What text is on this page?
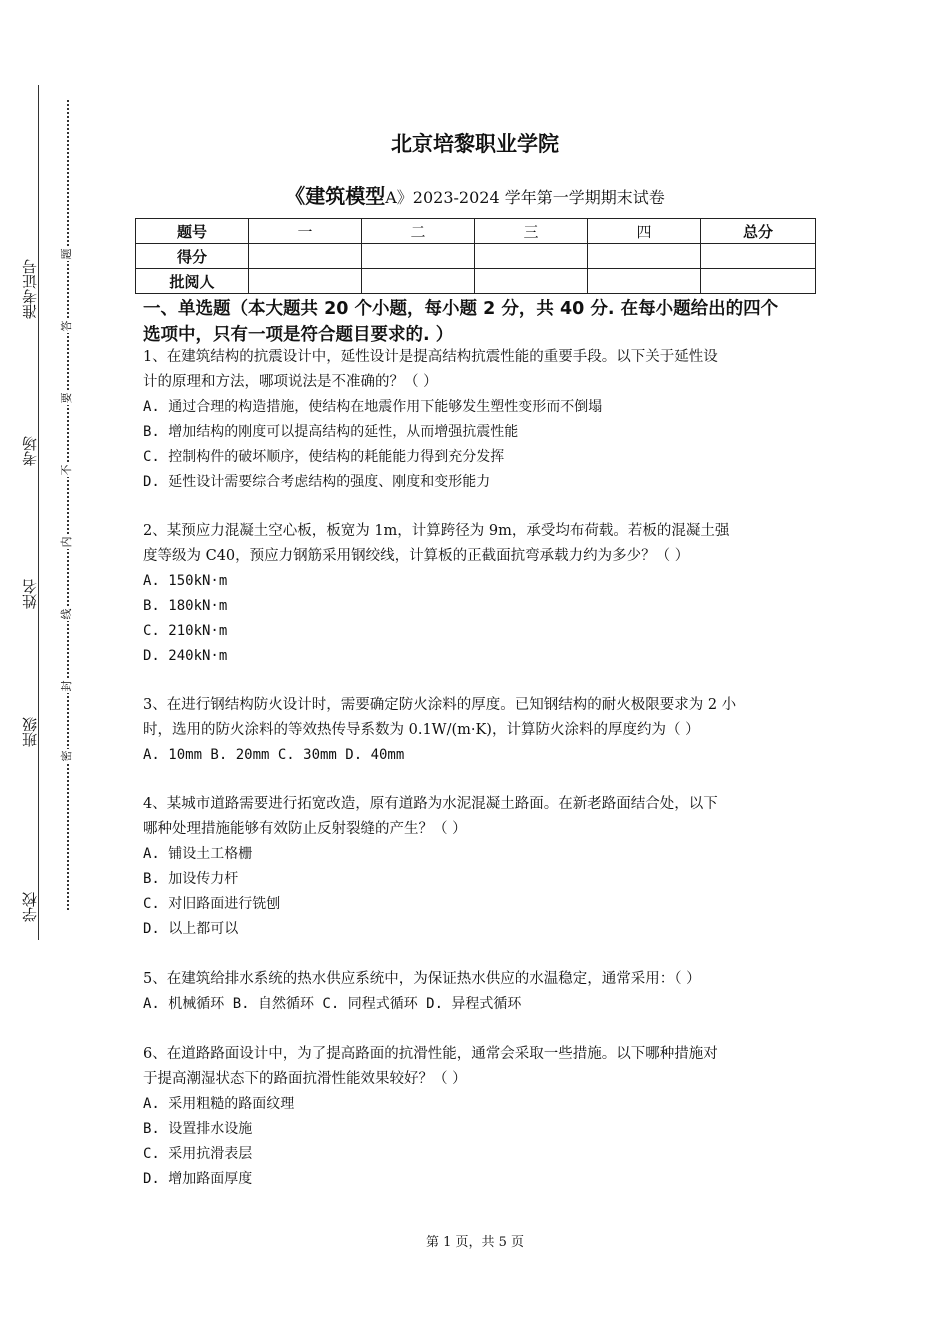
准考证号
考场
姓名
班级
学校
题
答
要
不
内
线
封
密
北京培黎职业学院
《建筑模型A》2023-2024 学年第一学期期末试卷
题号	一	二	三	四	总分
得分					
批阅人					
一、单选题（本大题共 20 个小题，每小题 2 分，共 40 分. 在每小题给出的四个
选项中，只有一项是符合题目要求的. ）

1、在建筑结构的抗震设计中，延性设计是提高结构抗震性能的重要手段。以下关于延性设

计的原理和方法，哪项说法是不准确的？（ ）

A. 通过合理的构造措施，使结构在地震作用下能够发生塑性变形而不倒塌

B. 增加结构的刚度可以提高结构的延性，从而增强抗震性能

C. 控制构件的破坏顺序，使结构的耗能能力得到充分发挥

D. 延性设计需要综合考虑结构的强度、刚度和变形能力

2、某预应力混凝土空心板，板宽为 1m，计算跨径为 9m，承受均布荷载。若板的混凝土强

度等级为 C40，预应力钢筋采用钢绞线，计算板的正截面抗弯承载力约为多少？（ ）

A. 150kN·m

B. 180kN·m

C. 210kN·m

D. 240kN·m

3、在进行钢结构防火设计时，需要确定防火涂料的厚度。已知钢结构的耐火极限要求为 2 小

时，选用的防火涂料的等效热传导系数为 0.1W/(m·K)，计算防火涂料的厚度约为（ ）

A. 10mm B. 20mm C. 30mm D. 40mm

4、某城市道路需要进行拓宽改造，原有道路为水泥混凝土路面。在新老路面结合处，以下

哪种处理措施能够有效防止反射裂缝的产生？（ ）

A. 铺设土工格栅

B. 加设传力杆

C. 对旧路面进行铣刨

D. 以上都可以

5、在建筑给排水系统的热水供应系统中，为保证热水供应的水温稳定，通常采用：（ ）

A. 机械循环 B. 自然循环 C. 同程式循环 D. 异程式循环

6、在道路路面设计中，为了提高路面的抗滑性能，通常会采取一些措施。以下哪种措施对

于提高潮湿状态下的路面抗滑性能效果较好？（ ）

A. 采用粗糙的路面纹理

B. 设置排水设施

C. 采用抗滑表层

D. 增加路面厚度

第 1 页，共 5 页
